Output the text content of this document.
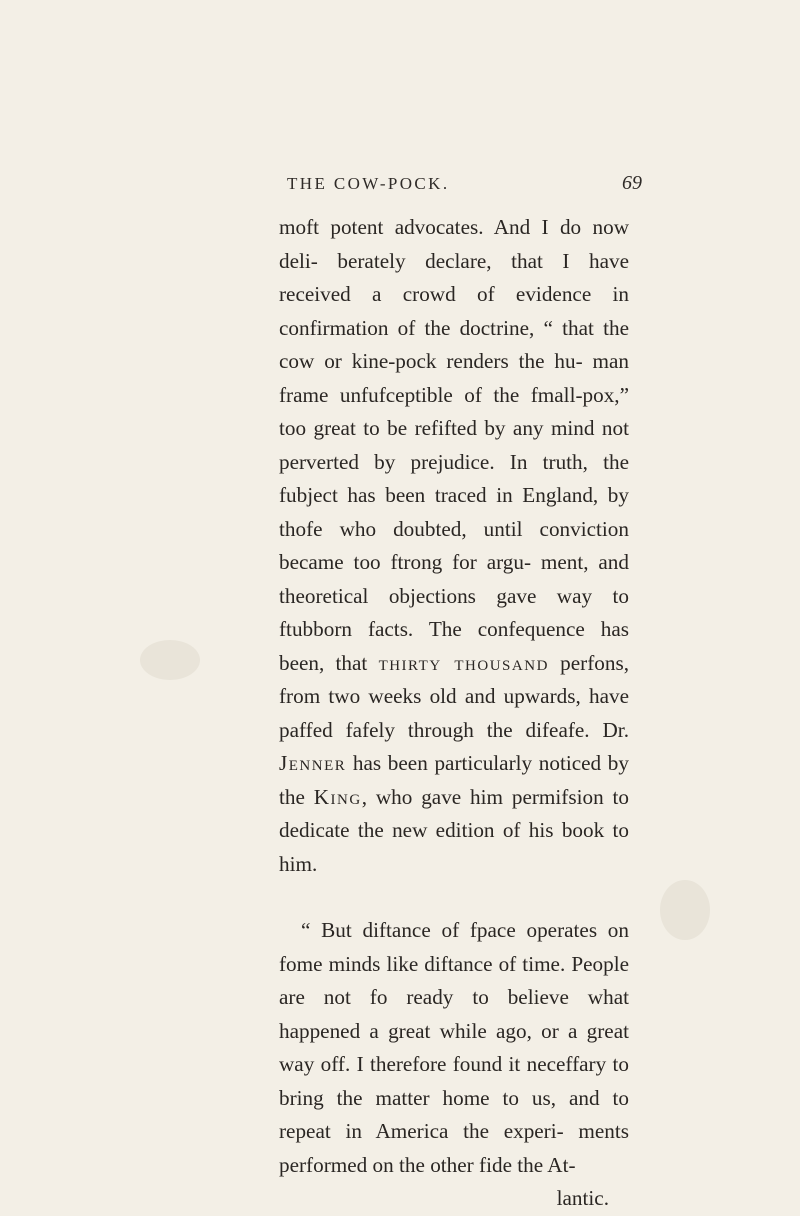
THE COW-POCK.	69

moft potent advocates. And I do now deli- berately declare, that I have received a crowd of evidence in confirmation of the doctrine, “ that the cow or kine-pock renders the hu- man frame unfufceptible of the fmall-pox,” too great to be refifted by any mind not perverted by prejudice. In truth, the fubject has been traced in England, by thofe who doubted, until conviction became too ftrong for argu- ment, and theoretical objections gave way to ftubborn facts. The confequence has been, that thirty thousand perfons, from two weeks old and upwards, have paffed fafely through the difeafe. Dr. Jenner has been particularly noticed by the King, who gave him permifsion to dedicate the new edition of his book to him.

“ But diftance of fpace operates on fome minds like diftance of time. People are not fo ready to believe what happened a great while ago, or a great way off. I therefore found it neceffary to bring the matter home to us, and to repeat in America the experi- ments performed on the other fide the At-
lantic.
